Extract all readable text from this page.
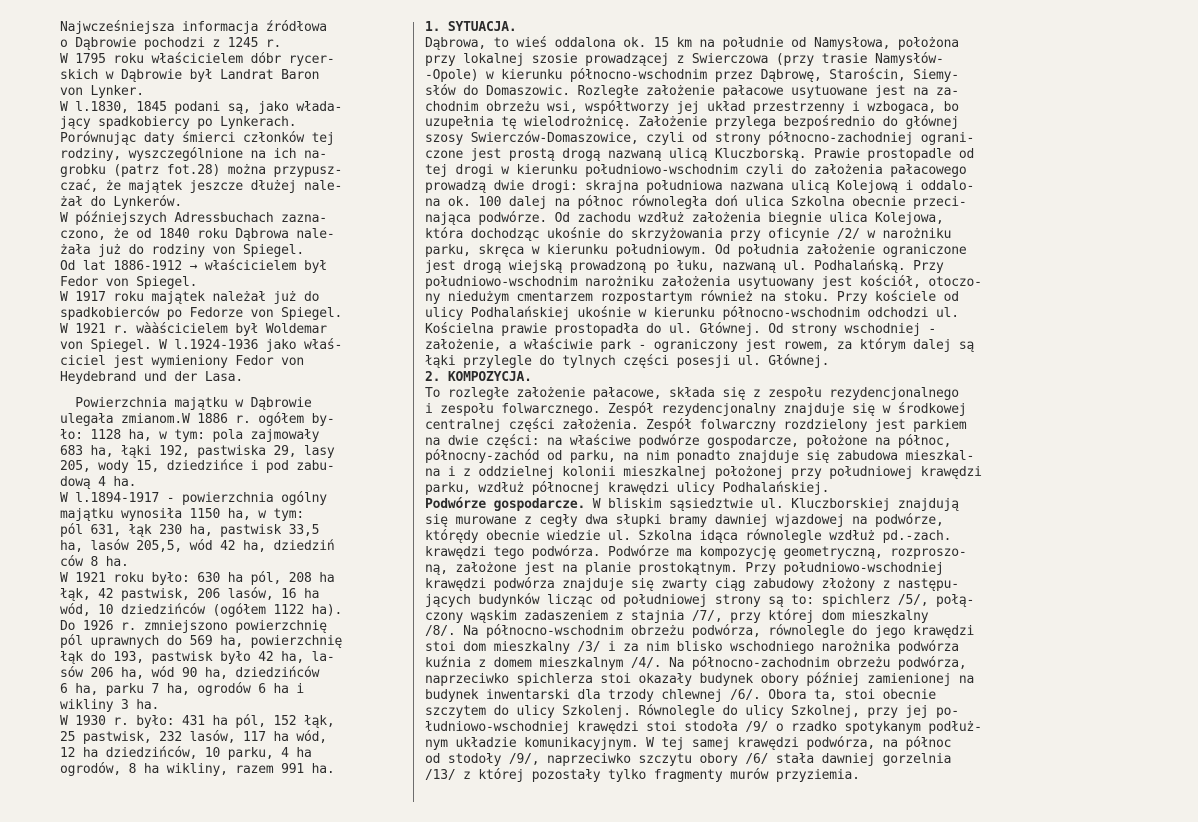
Najwcześniejsza informacja źródłowa
o Dąbrowie pochodzi z 1245 r.
W 1795 roku właścicielem dóbr rycer-
skich w Dąbrowie był Landrat Baron
von Lynker.
W l.1830, 1845 podani są, jako włada-
jący spadkobiercy po Lynkerach.
Porównując daty śmierci członków tej
rodziny, wyszczególnione na ich na-
grobku (patrz fot.28) można przypusz-
czać, że majątek jeszcze dłużej nale-
żał do Lynkerów.
W późniejszych Adressbuchach zazna-
czono, że od 1840 roku Dąbrowa nale-
żała już do rodziny von Spiegel.
Od lat 1886-1912 → właścicielem był
Fedor von Spiegel.
W 1917 roku majątek należał już do
spadkobierców po Fedorze von Spiegel.
W 1921 r. wààścicielem był Woldemar
von Spiegel. W l.1924-1936 jako właś-
ciciel jest wymieniony Fedor von
Heydebrand und der Lasa.
Powierzchnia majątku w Dąbrowie
ulegała zmianom.W 1886 r. ogółem by-
ło: 1128 ha, w tym: pola zajmowały
683 ha, łąki 192, pastwiska 29, lasy
205, wody 15, dziedzińce i pod zabu-
dową 4 ha.
W l.1894-1917 - powierzchnia ogólny
majątku wynosiła 1150 ha, w tym:
pól 631, łąk 230 ha, pastwisk 33,5
ha, lasów 205,5, wód 42 ha, dziedziń
ców 8 ha.
W 1921 roku było: 630 ha pól, 208 ha
łąk, 42 pastwisk, 206 lasów, 16 ha
wód, 10 dziedzińców (ogółem 1122 ha).
Do 1926 r. zmniejszono powierzchnię
pól uprawnych do 569 ha, powierzchnię
łąk do 193, pastwisk było 42 ha, la-
sów 206 ha, wód 90 ha, dziedzińców
6 ha, parku 7 ha, ogrodów 6 ha i
wikliny 3 ha.
W 1930 r. było: 431 ha pól, 152 łąk,
25 pastwisk, 232 lasów, 117 ha wód,
12 ha dziedzińców, 10 parku, 4 ha
ogrodów, 8 ha wikliny, razem 991 ha.
1. SYTUACJA.
Dąbrowa, to wieś oddalona ok. 15 km na południe od Namysłowa, położona
przy lokalnej szosie prowadzącej z Świerczowa (przy trasie Namysłów-
-Opole) w kierunku północno-wschodnim przez Dąbrowę, Starościn, Siemy-
słów do Domaszowic. Rozległe założenie pałacowe usytuowane jest na za-
chodnim obrzeżu wsi, współtworzy jej układ przestrzenny i wzbogaca, bo
uzupełnia tę wielodrożnicę. Założenie przylega bezpośrednio do głównej
szosy Świerczów-Domaszowice, czyli od strony północno-zachodniej ograni-
czone jest prostą drogą nazwaną ulicą Kluczborską. Prawie prostopadle od
tej drogi w kierunku południowo-wschodnim czyli do założenia pałacowego
prowadzą dwie drogi: skrajna południowa nazwana ulicą Kolejową i oddalo-
na ok. 100 dalej na północ równoległa doń ulica Szkolna obecnie przeci-
nająca podwórze. Od zachodu wzdłuż założenia biegnie ulica Kolejowa,
która dochodząc ukośnie do skrzyżowania przy oficynie /2/ w narożniku
parku, skręca w kierunku południowym. Od południa założenie ograniczone
jest drogą wiejską prowadzoną po łuku, nazwaną ul. Podhalańską. Przy
południowo-wschodnim narożniku założenia usytuowany jest kościół, otoczo-
ny niedużym cmentarzem rozpostartym również na stoku. Przy kościele od
ulicy Podhalańskiej ukośnie w kierunku północno-wschodnim odchodzi ul.
Kościelna prawie prostopadła do ul. Głównej. Od strony wschodniej -
założenie, a właściwie park - ograniczony jest rowem, za którym dalej są
łąki przylegle do tylnych części posesji ul. Głównej.
2. KOMPOZYCJA.
To rozległe założenie pałacowe, składa się z zespołu rezydencjonalnego
i zespołu folwarcznego. Zespół rezydencjonalny znajduje się w środkowej
centralnej części założenia. Zespół folwarczny rozdzielony jest parkiem
na dwie części: na właściwe podwórze gospodarcze, położone na północ,
północny-zachód od parku, na nim ponadto znajduje się zabudowa mieszkal-
na i z oddzielnej kolonii mieszkalnej położonej przy południowej krawędzi
parku, wzdłuż północnej krawędzi ulicy Podhalańskiej.
Podwórze gospodarcze. W bliskim sąsiedztwie ul. Kluczborskiej znajdują
się murowane z cegły dwa słupki bramy dawniej wjazdowej na podwórze,
którędy obecnie wiedzie ul. Szkolna idąca równolegle wzdłuż pd.-zach.
krawędzi tego podwórza. Podwórze ma kompozycję geometryczną, rozproszo-
ną, założone jest na planie prostokątnym. Przy południowo-wschodniej
krawędzi podwórza znajduje się zwarty ciąg zabudowy złożony z następu-
jących budynków licząc od południowej strony są to: spichlerz /5/, połą-
czony wąskim zadaszeniem z stajnia /7/, przy której dom mieszkalny
/8/. Na północno-wschodnim obrzeżu podwórza, równolegle do jego krawędzi
stoi dom mieszkalny /3/ i za nim blisko wschodniego narożnika podwórza
kuźnia z domem mieszkalnym /4/. Na północno-zachodnim obrzeżu podwórza,
naprzeciwko spichlerza stoi okazały budynek obory później zamienionej na
budynek inwentarski dla trzody chlewnej /6/. Obora ta, stoi obecnie
szczytem do ulicy Szkolenj. Równolegle do ulicy Szkolnej, przy jej po-
łudniowo-wschodniej krawędzi stoi stodoła /9/ o rzadko spotykanym podłuż-
nym układzie komunikacyjnym. W tej samej krawędzi podwórza, na północ
od stodoły /9/, naprzeciwko szczytu obory /6/ stała dawniej gorzelnia
/13/ z której pozostały tylko fragmenty murów przyziemia.
